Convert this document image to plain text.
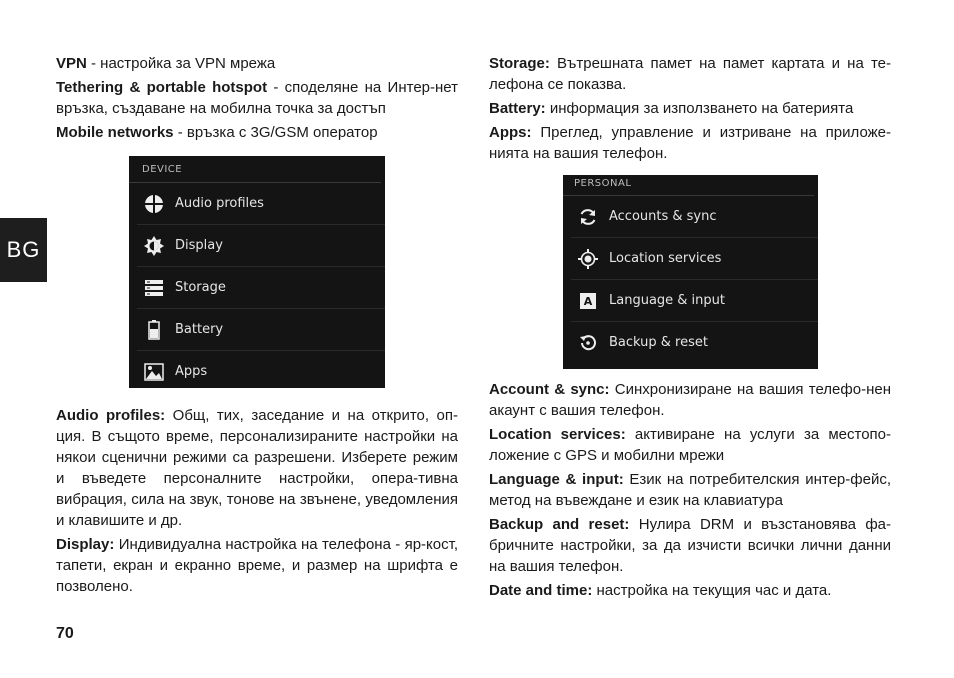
BG

VPN - настройка за VPN мрежа

Tethering & portable hotspot - споделяне на Интер-нет връзка, създаване на мобилна точка за достъп

Mobile networks - връзка с 3G/GSM оператор

Audio profiles: Общ, тих, заседание и на открито, оп-ция. В същото време, персонализираните настройки на някои сценични режими са разрешени. Изберете режим и въведете персоналните настройки, опера-тивна вибрация, сила на звук, тонове на звънене, уведомления и клавишите и др.

Display: Индивидуална настройка на телефона - яр-кост, тапети, екран и екранно време, и размер на шрифта е позволено.

DEVICE
Audio profiles
Display
Storage
Battery
Apps

Storage: Вътрешната памет на памет картата и на те-лефона се показва.

Battery: информация за използването на батерията

Apps: Преглед, управление и изтриване на приложе-нията на вашия телефон.

PERSONAL
Accounts & sync
Location services
A Language & input
Backup & reset

Account & sync: Синхронизиране на вашия телефо-нен акаунт с вашия телефон.

Location services: активиране на услуги за местопо-ложение с GPS и мобилни мрежи

Language & input: Език на потребителския интер-фейс, метод на въвеждане и език на клавиатура

Backup and reset: Нулира DRM и възстановява фа-бричните настройки, за да изчисти всички лични данни на вашия телефон.

Date and time: настройка на текущия час и дата.

70
